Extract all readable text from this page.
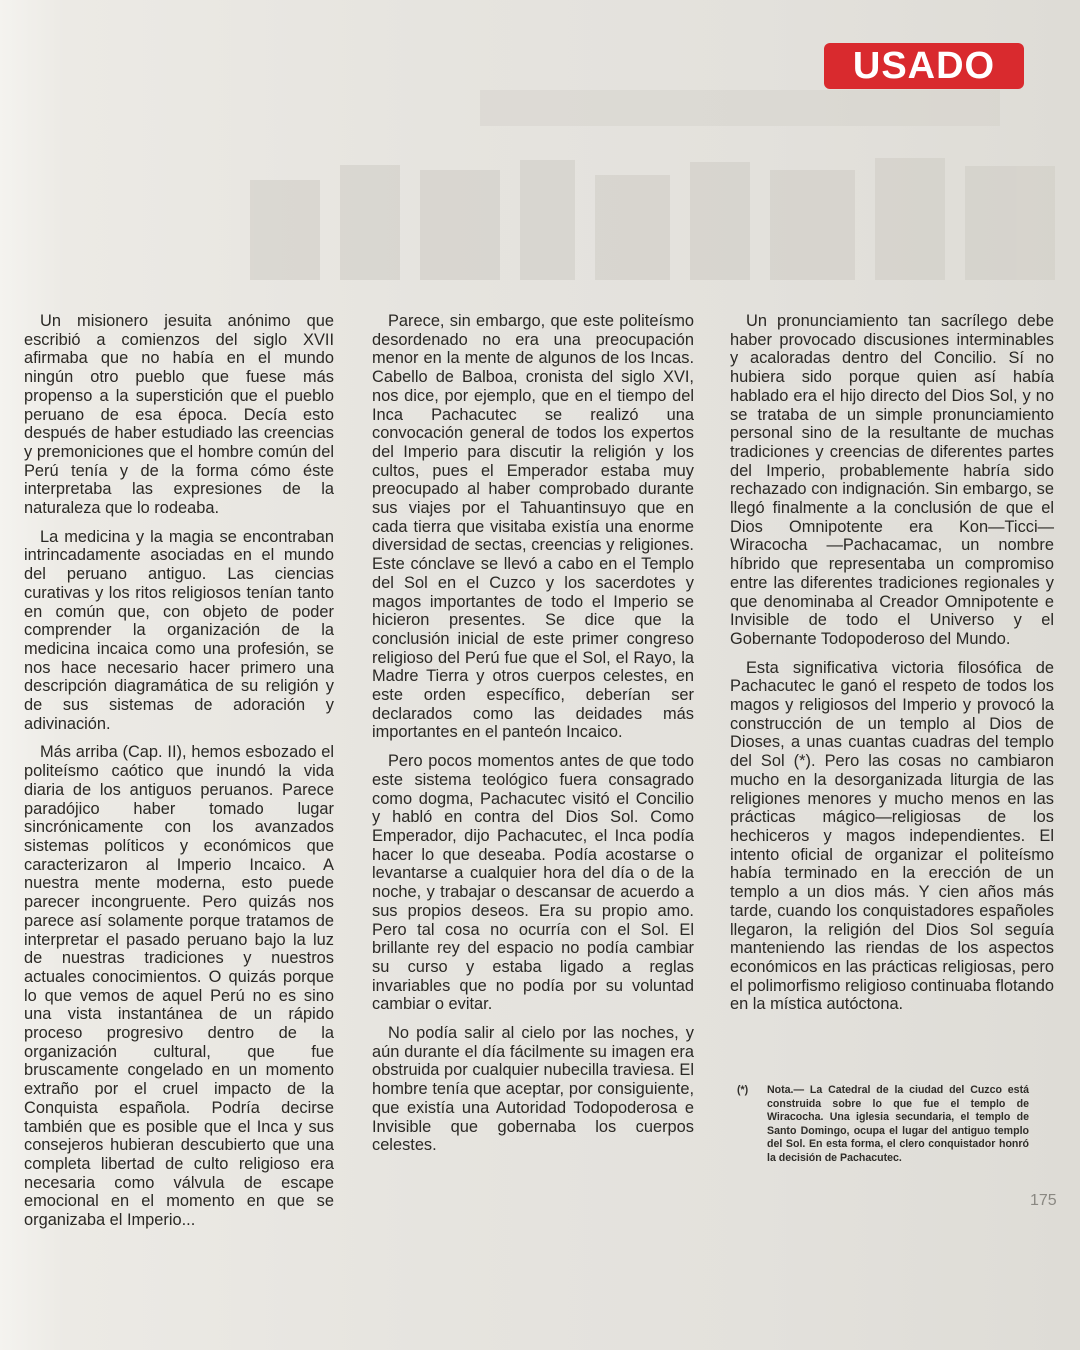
USADO

Un misionero jesuita anónimo que escribió a comienzos del siglo XVII afirmaba que no había en el mundo ningún otro pueblo que fuese más propenso a la superstición que el pueblo peruano de esa época. Decía esto después de haber estudiado las creencias y premoniciones que el hombre común del Perú tenía y de la forma cómo éste interpretaba las expresiones de la naturaleza que lo rodeaba.

La medicina y la magia se encontraban intrincadamente asociadas en el mundo del peruano antiguo. Las ciencias curativas y los ritos religiosos tenían tanto en común que, con objeto de poder comprender la organización de la medicina incaica como una profesión, se nos hace necesario hacer primero una descripción diagramática de su religión y de sus sistemas de adoración y adivinación.

Más arriba (Cap. II), hemos esbozado el politeísmo caótico que inundó la vida diaria de los antiguos peruanos. Parece paradójico haber tomado lugar sincrónicamente con los avanzados sistemas políticos y económicos que caracterizaron al Imperio Incaico. A nuestra mente moderna, esto puede parecer incongruente. Pero quizás nos parece así solamente porque tratamos de interpretar el pasado peruano bajo la luz de nuestras tradiciones y nuestros actuales conocimientos. O quizás porque lo que vemos de aquel Perú no es sino una vista instantánea de un rápido proceso progresivo dentro de la organización cultural, que fue bruscamente congelado en un momento extraño por el cruel impacto de la Conquista española. Podría decirse también que es posible que el Inca y sus consejeros hubieran descubierto que una completa libertad de culto religioso era necesaria como válvula de escape emocional en el momento en que se organizaba el Imperio...

Parece, sin embargo, que este politeísmo desordenado no era una preocupación menor en la mente de algunos de los Incas. Cabello de Balboa, cronista del siglo XVI, nos dice, por ejemplo, que en el tiempo del Inca Pachacutec se realizó una convocación general de todos los expertos del Imperio para discutir la religión y los cultos, pues el Emperador estaba muy preocupado al haber comprobado durante sus viajes por el Tahuantinsuyo que en cada tierra que visitaba existía una enorme diversidad de sectas, creencias y religiones. Este cónclave se llevó a cabo en el Templo del Sol en el Cuzco y los sacerdotes y magos importantes de todo el Imperio se hicieron presentes. Se dice que la conclusión inicial de este primer congreso religioso del Perú fue que el Sol, el Rayo, la Madre Tierra y otros cuerpos celestes, en este orden específico, deberían ser declarados como las deidades más importantes en el panteón Incaico.

Pero pocos momentos antes de que todo este sistema teológico fuera consagrado como dogma, Pachacutec visitó el Concilio y habló en contra del Dios Sol. Como Emperador, dijo Pachacutec, el Inca podía hacer lo que deseaba. Podía acostarse o levantarse a cualquier hora del día o de la noche, y trabajar o descansar de acuerdo a sus propios deseos. Era su propio amo. Pero tal cosa no ocurría con el Sol. El brillante rey del espacio no podía cambiar su curso y estaba ligado a reglas invariables que no podía por su voluntad cambiar o evitar.

No podía salir al cielo por las noches, y aún durante el día fácilmente su imagen era obstruida por cualquier nubecilla traviesa. El hombre tenía que aceptar, por consiguiente, que existía una Autoridad Todopoderosa e Invisible que gobernaba los cuerpos celestes.

Un pronunciamiento tan sacrílego debe haber provocado discusiones interminables y acaloradas dentro del Concilio. Sí no hubiera sido porque quien así había hablado era el hijo directo del Dios Sol, y no se trataba de un simple pronunciamiento personal sino de la resultante de muchas tradiciones y creencias de diferentes partes del Imperio, probablemente habría sido rechazado con indignación. Sin embargo, se llegó finalmente a la conclusión de que el Dios Omnipotente era Kon—Ticci—Wiracocha —Pachacamac, un nombre híbrido que representaba un compromiso entre las diferentes tradiciones regionales y que denominaba al Creador Omnipotente e Invisible de todo el Universo y el Gobernante Todopoderoso del Mundo.

Esta significativa victoria filosófica de Pachacutec le ganó el respeto de todos los magos y religiosos del Imperio y provocó la construcción de un templo al Dios de Dioses, a unas cuantas cuadras del templo del Sol (*). Pero las cosas no cambiaron mucho en la desorganizada liturgia de las religiones menores y mucho menos en las prácticas mágico—religiosas de los hechiceros y magos independientes. El intento oficial de organizar el politeísmo había terminado en la erección de un templo a un dios más. Y cien años más tarde, cuando los conquistadores españoles llegaron, la religión del Dios Sol seguía manteniendo las riendas de los aspectos económicos en las prácticas religiosas, pero el polimorfismo religioso continuaba flotando en la mística autóctona.

(*) Nota.— La Catedral de la ciudad del Cuzco está construida sobre lo que fue el templo de Wiracocha. Una iglesia secundaria, el templo de Santo Domingo, ocupa el lugar del antiguo templo del Sol. En esta forma, el clero conquistador honró la decisión de Pachacutec.
175
